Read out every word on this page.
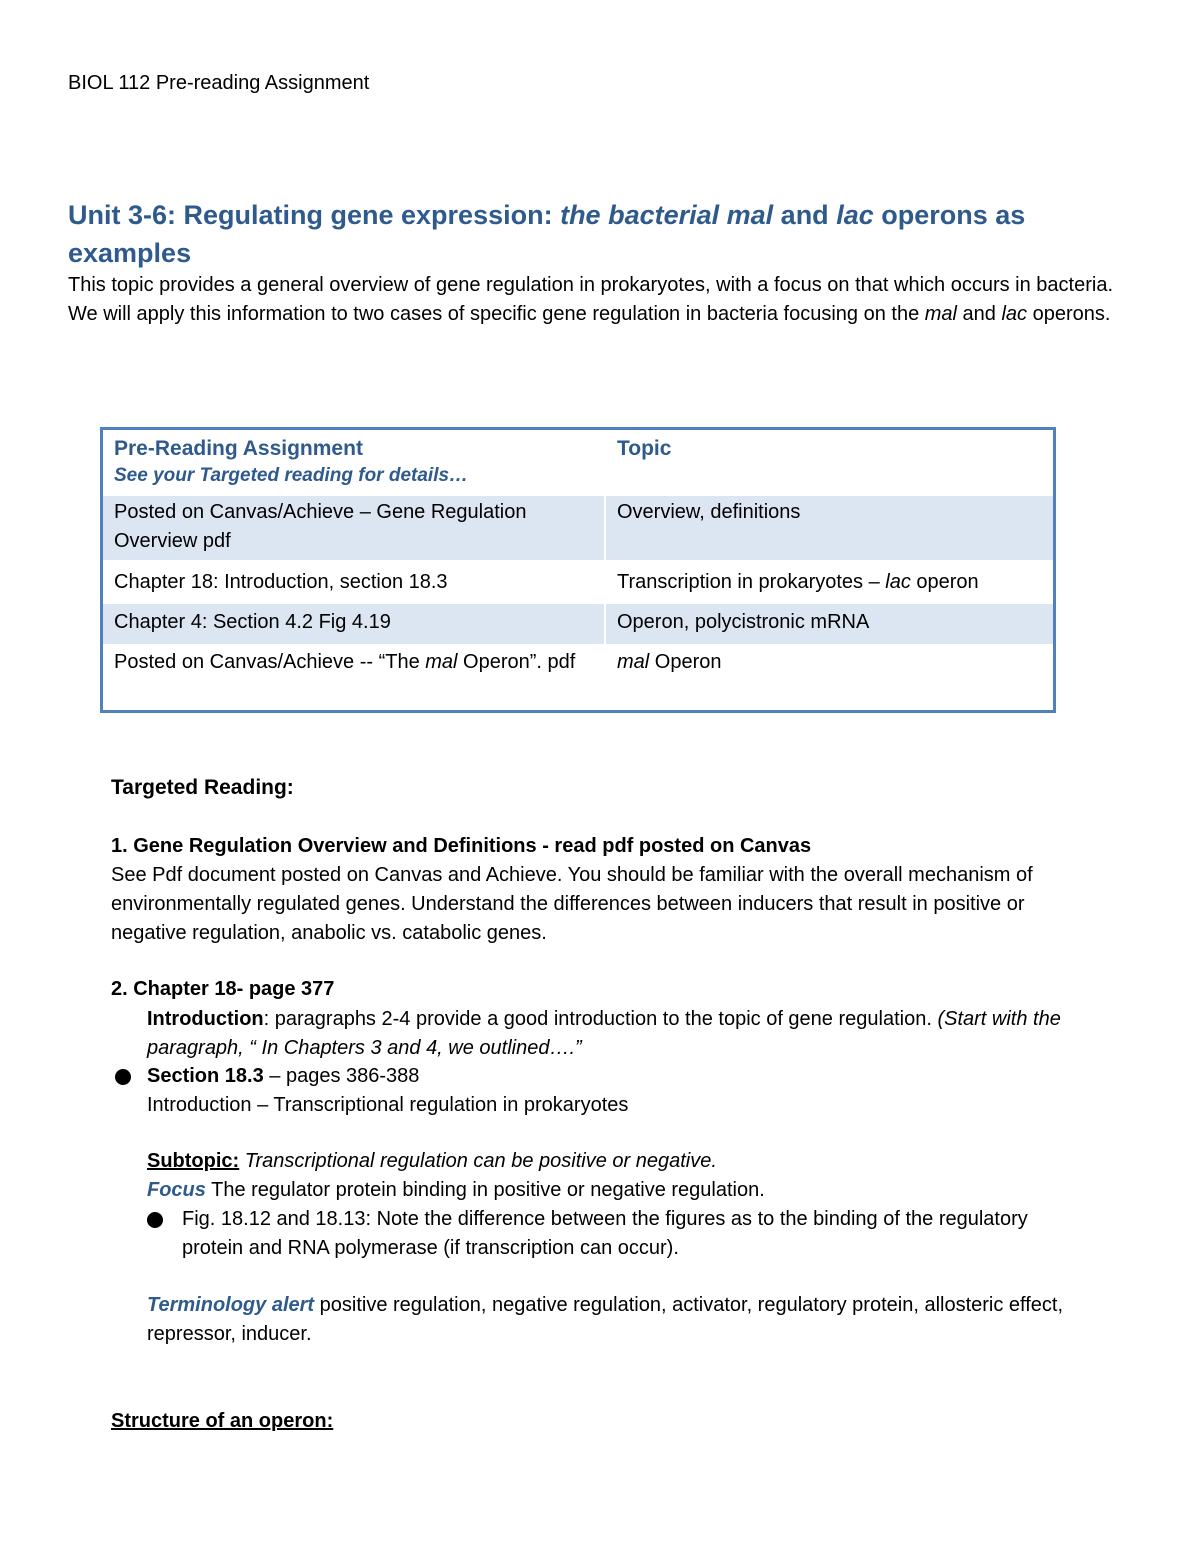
BIOL 112 Pre-reading Assignment
Unit 3-6: Regulating gene expression: the bacterial mal and lac operons as examples
This topic provides a general overview of gene regulation in prokaryotes, with a focus on that which occurs in bacteria. We will apply this information to two cases of specific gene regulation in bacteria focusing on the mal and lac operons.
Pre-Reading Assignment
See your Targeted reading for details…	Topic

Posted on Canvas/Achieve – Gene Regulation Overview pdf	Overview, definitions
Chapter 18: Introduction, section 18.3	Transcription in prokaryotes – lac operon
Chapter 4: Section 4.2 Fig 4.19	Operon, polycistronic mRNA
Posted on Canvas/Achieve -- “The mal Operon”. pdf	mal Operon
Targeted Reading:
1. Gene Regulation Overview and Definitions - read pdf posted on Canvas
See Pdf document posted on Canvas and Achieve. You should be familiar with the overall mechanism of environmentally regulated genes. Understand the differences between inducers that result in positive or negative regulation, anabolic vs. catabolic genes.
2. Chapter 18- page 377
Introduction: paragraphs 2-4 provide a good introduction to the topic of gene regulation. (Start with the paragraph, “ In Chapters 3 and 4, we outlined….”
Section 18.3 – pages 386-388
Introduction – Transcriptional regulation in prokaryotes
Subtopic: Transcriptional regulation can be positive or negative.
Focus The regulator protein binding in positive or negative regulation.
Fig. 18.12 and 18.13: Note the difference between the figures as to the binding of the regulatory protein and RNA polymerase (if transcription can occur).
Terminology alert positive regulation, negative regulation, activator, regulatory protein, allosteric effect, repressor, inducer.
Structure of an operon:
